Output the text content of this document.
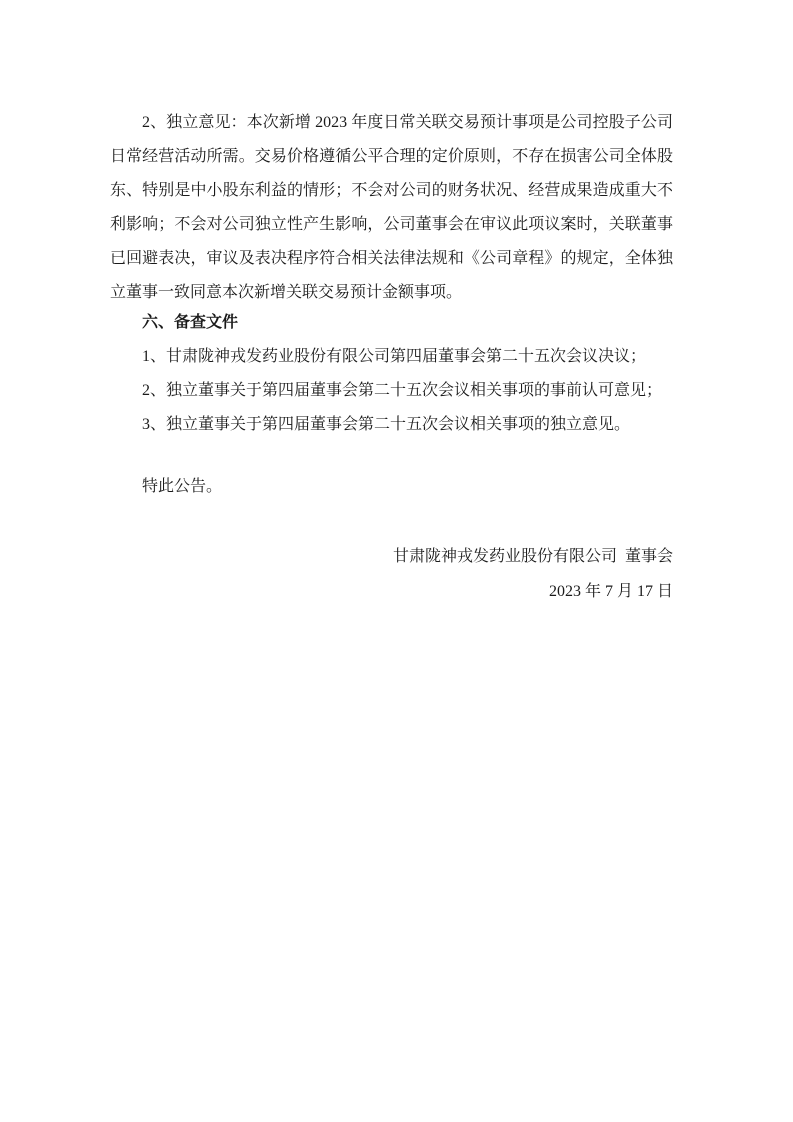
2、独立意见：本次新增 2023 年度日常关联交易预计事项是公司控股子公司
日常经营活动所需。交易价格遵循公平合理的定价原则，不存在损害公司全体股
东、特别是中小股东利益的情形；不会对公司的财务状况、经营成果造成重大不
利影响；不会对公司独立性产生影响，公司董事会在审议此项议案时，关联董事
已回避表决，审议及表决程序符合相关法律法规和《公司章程》的规定，全体独
立董事一致同意本次新增关联交易预计金额事项。
六、备查文件
1、甘肃陇神戎发药业股份有限公司第四届董事会第二十五次会议决议；
2、独立董事关于第四届董事会第二十五次会议相关事项的事前认可意见；
3、独立董事关于第四届董事会第二十五次会议相关事项的独立意见。
特此公告。
甘肃陇神戎发药业股份有限公司  董事会
2023 年 7 月 17 日
